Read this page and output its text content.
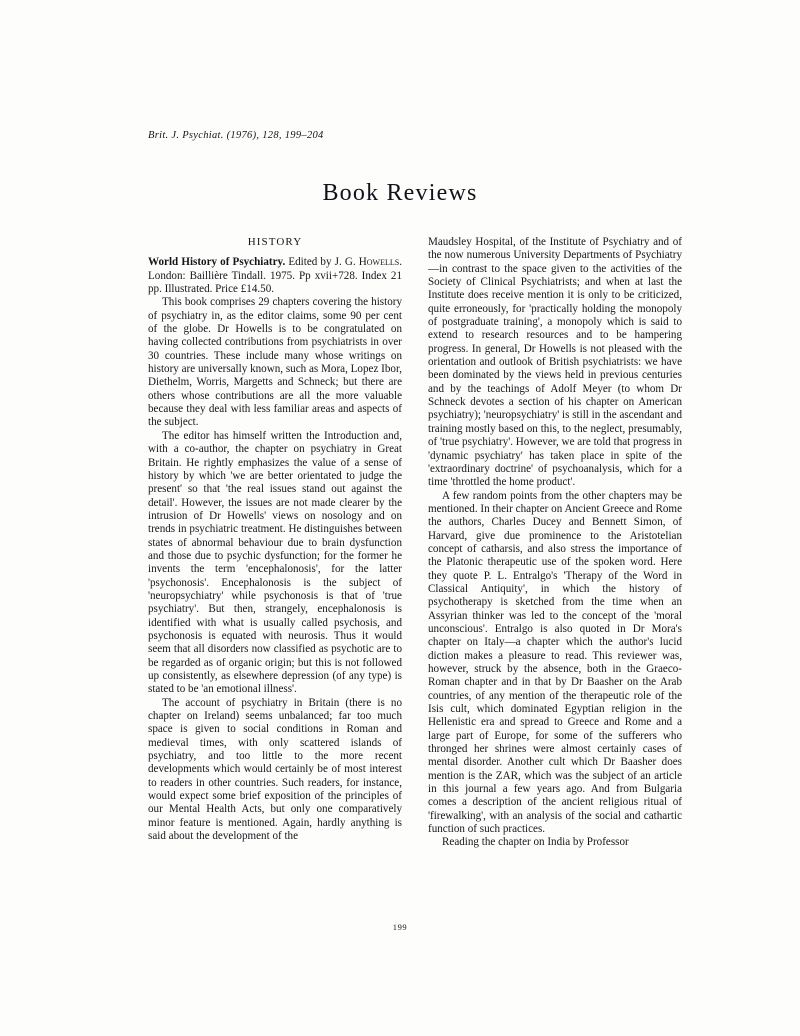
Brit. J. Psychiat. (1976), 128, 199–204
Book Reviews
HISTORY
World History of Psychiatry. Edited by J. G. Howells. London: Baillière Tindall. 1975. Pp xvii+728. Index 21 pp. Illustrated. Price £14.50.

This book comprises 29 chapters covering the history of psychiatry in, as the editor claims, some 90 per cent of the globe. Dr Howells is to be congratulated on having collected contributions from psychiatrists in over 30 countries. These include many whose writings on history are universally known, such as Mora, Lopez Ibor, Diethelm, Worris, Margetts and Schneck; but there are others whose contributions are all the more valuable because they deal with less familiar areas and aspects of the subject.

The editor has himself written the Introduction and, with a co-author, the chapter on psychiatry in Great Britain. He rightly emphasizes the value of a sense of history by which 'we are better orientated to judge the present' so that 'the real issues stand out against the detail'. However, the issues are not made clearer by the intrusion of Dr Howells' views on nosology and on trends in psychiatric treatment. He distinguishes between states of abnormal behaviour due to brain dysfunction and those due to psychic dysfunction; for the former he invents the term 'encephalonosis', for the latter 'psychonosis'. Encephalonosis is the subject of 'neuropsychiatry' while psychonosis is that of 'true psychiatry'. But then, strangely, encephalonosis is identified with what is usually called psychosis, and psychonosis is equated with neurosis. Thus it would seem that all disorders now classified as psychotic are to be regarded as of organic origin; but this is not followed up consistently, as elsewhere depression (of any type) is stated to be 'an emotional illness'.

The account of psychiatry in Britain (there is no chapter on Ireland) seems unbalanced; far too much space is given to social conditions in Roman and medieval times, with only scattered islands of psychiatry, and too little to the more recent developments which would certainly be of most interest to readers in other countries. Such readers, for instance, would expect some brief exposition of the principles of our Mental Health Acts, but only one comparatively minor feature is mentioned. Again, hardly anything is said about the development of the

Maudsley Hospital, of the Institute of Psychiatry and of the now numerous University Departments of Psychiatry—in contrast to the space given to the activities of the Society of Clinical Psychiatrists; and when at last the Institute does receive mention it is only to be criticized, quite erroneously, for 'practically holding the monopoly of postgraduate training', a monopoly which is said to extend to research resources and to be hampering progress. In general, Dr Howells is not pleased with the orientation and outlook of British psychiatrists: we have been dominated by the views held in previous centuries and by the teachings of Adolf Meyer (to whom Dr Schneck devotes a section of his chapter on American psychiatry); 'neuropsychiatry' is still in the ascendant and training mostly based on this, to the neglect, presumably, of 'true psychiatry'. However, we are told that progress in 'dynamic psychiatry' has taken place in spite of the 'extraordinary doctrine' of psychoanalysis, which for a time 'throttled the home product'.

A few random points from the other chapters may be mentioned. In their chapter on Ancient Greece and Rome the authors, Charles Ducey and Bennett Simon, of Harvard, give due prominence to the Aristotelian concept of catharsis, and also stress the importance of the Platonic therapeutic use of the spoken word. Here they quote P. L. Entralgo's 'Therapy of the Word in Classical Antiquity', in which the history of psychotherapy is sketched from the time when an Assyrian thinker was led to the concept of the 'moral unconscious'. Entralgo is also quoted in Dr Mora's chapter on Italy—a chapter which the author's lucid diction makes a pleasure to read. This reviewer was, however, struck by the absence, both in the Graeco-Roman chapter and in that by Dr Baasher on the Arab countries, of any mention of the therapeutic role of the Isis cult, which dominated Egyptian religion in the Hellenistic era and spread to Greece and Rome and a large part of Europe, for some of the sufferers who thronged her shrines were almost certainly cases of mental disorder. Another cult which Dr Baasher does mention is the ZAR, which was the subject of an article in this journal a few years ago. And from Bulgaria comes a description of the ancient religious ritual of 'firewalking', with an analysis of the social and cathartic function of such practices.

Reading the chapter on India by Professor

199
